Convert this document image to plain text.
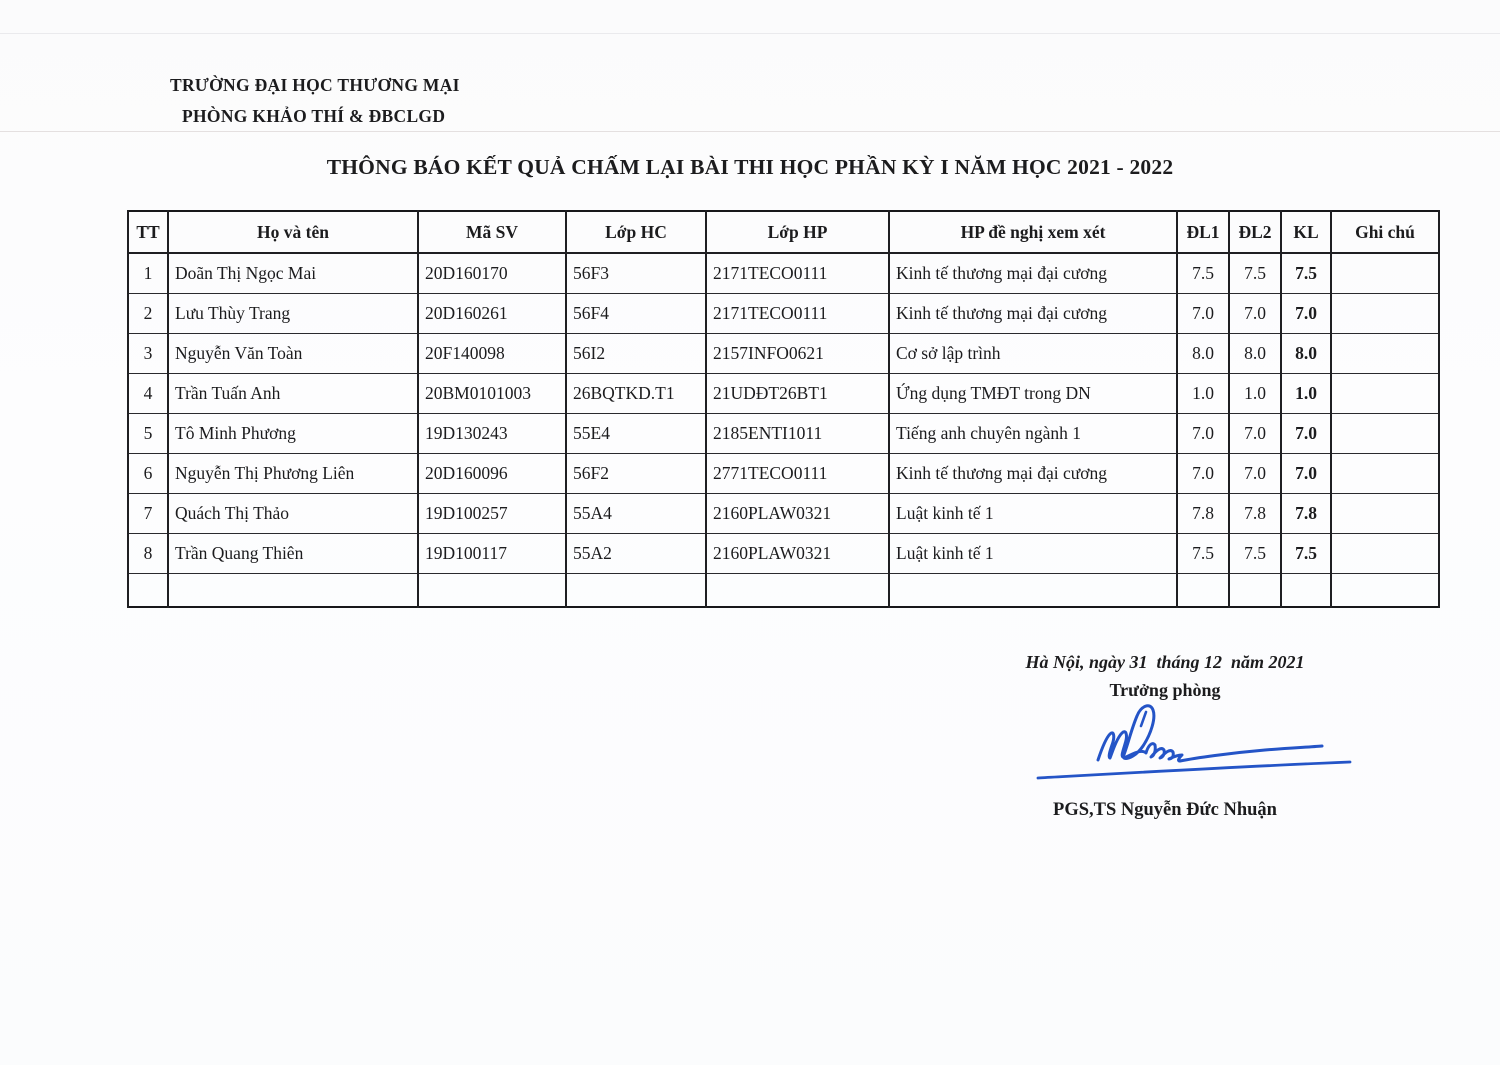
TRƯỜNG ĐẠI HỌC THƯƠNG MẠI
PHÒNG KHẢO THÍ & ĐBCLGD
THÔNG BÁO KẾT QUẢ CHẤM LẠI BÀI THI HỌC PHẦN KỲ I NĂM HỌC 2021 - 2022
TT	Họ và tên	Mã SV	Lớp HC	Lớp HP	HP đề nghị xem xét	ĐL1	ĐL2	KL	Ghi chú
1	Doãn Thị Ngọc Mai	20D160170	56F3	2171TECO0111	Kinh tế thương mại đại cương	7.5	7.5	7.5	
2	Lưu Thùy Trang	20D160261	56F4	2171TECO0111	Kinh tế thương mại đại cương	7.0	7.0	7.0	
3	Nguyễn Văn Toàn	20F140098	56I2	2157INFO0621	Cơ sở lập trình	8.0	8.0	8.0	
4	Trần Tuấn Anh	20BM0101003	26BQTKD.T1	21UDĐT26BT1	Ứng dụng TMĐT trong DN	1.0	1.0	1.0	
5	Tô Minh Phương	19D130243	55E4	2185ENTI1011	Tiếng anh chuyên ngành 1	7.0	7.0	7.0	
6	Nguyễn Thị Phương Liên	20D160096	56F2	2771TECO0111	Kinh tế thương mại đại cương	7.0	7.0	7.0	
7	Quách Thị Thảo	19D100257	55A4	2160PLAW0321	Luật kinh tế 1	7.8	7.8	7.8	
8	Trần Quang Thiên	19D100117	55A2	2160PLAW0321	Luật kinh tế 1	7.5	7.5	7.5	

Hà Nội, ngày 31  tháng 12  năm 2021
Trưởng phòng
PGS,TS Nguyễn Đức Nhuận
